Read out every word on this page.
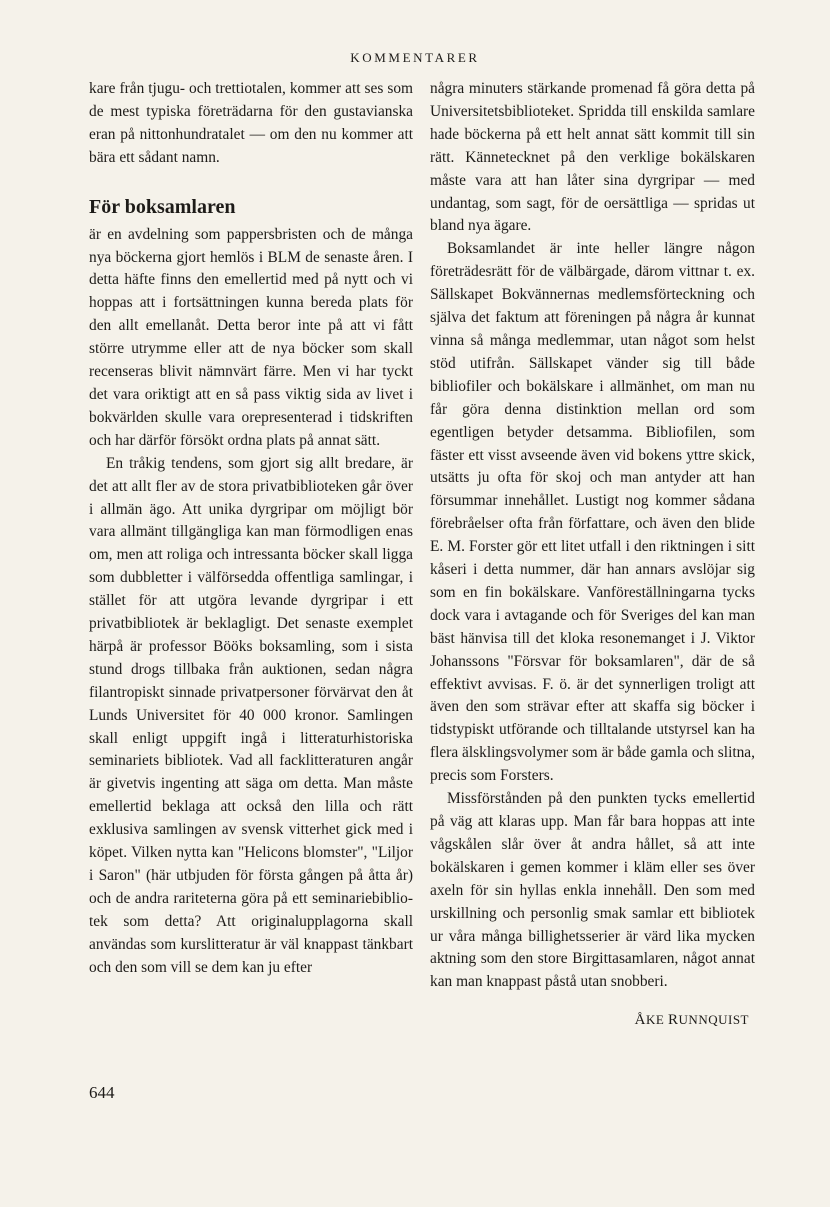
KOMMENTARER

kare från tjugu- och trettiotalen, kommer att ses som de mest typiska företrädarna för den gustavianska eran på nittonhundratalet — om den nu kommer att bära ett sådant namn.

För boksamlaren

är en avdelning som pappersbristen och de många nya böckerna gjort hemlös i BLM de senaste åren. I detta häfte finns den emellertid med på nytt och vi hoppas att i fortsättningen kunna bereda plats för den allt emellanåt. Detta beror inte på att vi fått större utrymme eller att de nya böcker som skall recenseras blivit nämnvärt färre. Men vi har tyckt det vara oriktigt att en så pass viktig sida av livet i bokvärlden skulle vara orepresenterad i tidskriften och har därför försökt ordna plats på annat sätt.

En tråkig tendens, som gjort sig allt bredare, är det att allt fler av de stora privatbiblioteken går över i allmän ägo. Att unika dyrgripar om möjligt bör vara allmänt tillgängliga kan man förmodligen enas om, men att roliga och intressanta böcker skall ligga som dubbletter i välförsedda offentliga samlingar, i stället för att utgöra levande dyrgripar i ett privatbibliotek är beklagligt. Det senaste exemplet härpå är professor Bööks boksamling, som i sista stund drogs tillbaka från auktionen, sedan några filantropiskt sinnade privatpersoner förvärvat den åt Lunds Universitet för 40 000 kronor. Samlingen skall enligt uppgift ingå i litteraturhistoriska seminariets bibliotek. Vad all facklitteraturen angår är givetvis ingenting att säga om detta. Man måste emellertid beklaga att också den lilla och rätt exklusiva samlingen av svensk vitterhet gick med i köpet. Vilken nytta kan "Helicons blomster", "Liljor i Saron" (här utbjuden för första gången på åtta år) och de andra rariteterna göra på ett seminariebibliotek som detta? Att originalupplagorna skall användas som kurslitteratur är väl knappast tänkbart och den som vill se dem kan ju efter

några minuters stärkande promenad få göra detta på Universitetsbiblioteket. Spridda till enskilda samlare hade böckerna på ett helt annat sätt kommit till sin rätt. Kännetecknet på den verklige bokälskaren måste vara att han låter sina dyrgripar — med undantag, som sagt, för de oersättliga — spridas ut bland nya ägare.

Boksamlandet är inte heller längre någon företrädesrätt för de välbärgade, därom vittnar t. ex. Sällskapet Bokvännernas medlemsförteckning och själva det faktum att föreningen på några år kunnat vinna så många medlemmar, utan något som helst stöd utifrån. Sällskapet vänder sig till både bibliofiler och bokälskare i allmänhet, om man nu får göra denna distinktion mellan ord som egentligen betyder detsamma. Bibliofilen, som fäster ett visst avseende även vid bokens yttre skick, utsätts ju ofta för skoj och man antyder att han försummar innehållet. Lustigt nog kommer sådana förebråelser ofta från författare, och även den blide E. M. Forster gör ett litet utfall i den riktningen i sitt kåseri i detta nummer, där han annars avslöjar sig som en fin bokälskare. Vanföreställningarna tycks dock vara i avtagande och för Sveriges del kan man bäst hänvisa till det kloka resonemanget i J. Viktor Johanssons "Försvar för boksamlaren", där de så effektivt avvisas. F. ö. är det synnerligen troligt att även den som strävar efter att skaffa sig böcker i tidstypiskt utförande och tilltalande utstyrsel kan ha flera älsklingsvolymer som är både gamla och slitna, precis som Forsters.

Missförstånden på den punkten tycks emellertid på väg att klaras upp. Man får bara hoppas att inte vågskålen slår över åt andra hållet, så att inte bokälskaren i gemen kommer i kläm eller ses över axeln för sin hyllas enkla innehåll. Den som med urskillning och personlig smak samlar ett bibliotek ur våra många billighetsserier är värd lika mycken aktning som den store Birgittasamlaren, något annat kan man knappast påstå utan snobberi.

ÅKE RUNNQUIST
644
